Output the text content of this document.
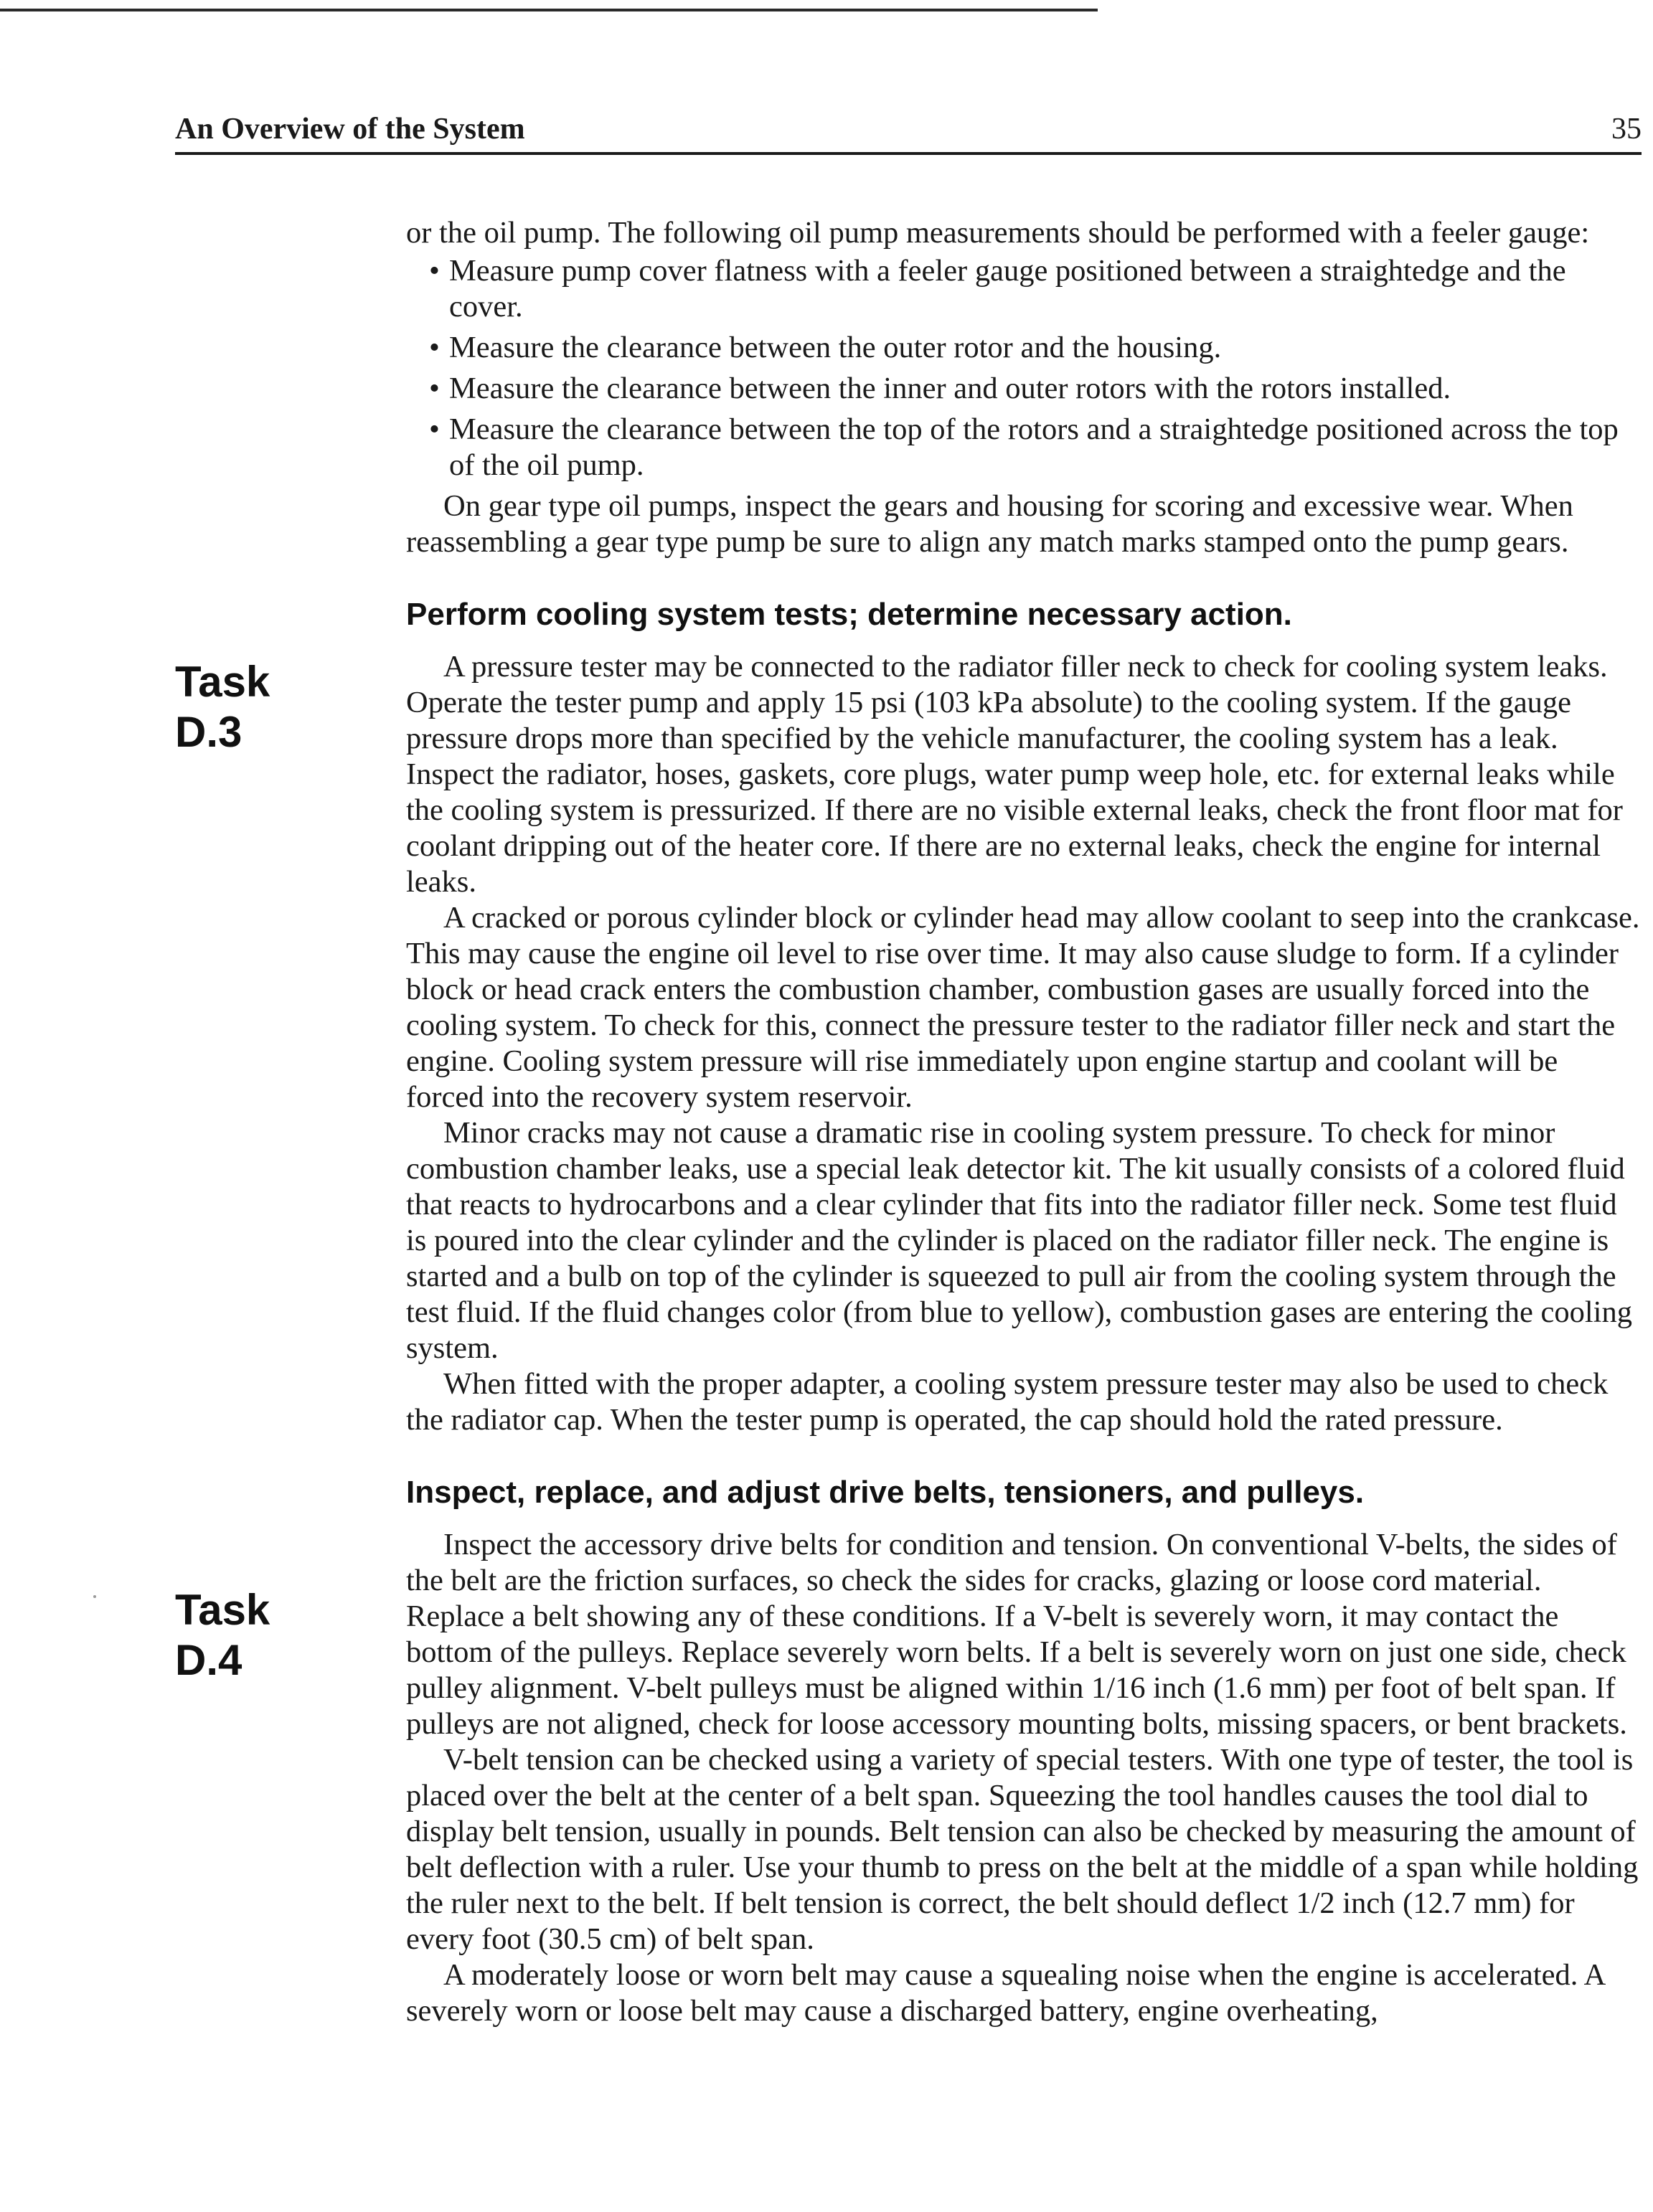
An Overview of the System	35
Task
D.3
Task
D.4

or the oil pump. The following oil pump measurements should be performed with a feeler gauge:

• Measure pump cover flatness with a feeler gauge positioned between a straightedge and the cover.
• Measure the clearance between the outer rotor and the housing.
• Measure the clearance between the inner and outer rotors with the rotors installed.
• Measure the clearance between the top of the rotors and a straightedge positioned across the top of the oil pump.

On gear type oil pumps, inspect the gears and housing for scoring and excessive wear. When reassembling a gear type pump be sure to align any match marks stamped onto the pump gears.

Perform cooling system tests; determine necessary action.

A pressure tester may be connected to the radiator filler neck to check for cooling system leaks. Operate the tester pump and apply 15 psi (103 kPa absolute) to the cooling system. If the gauge pressure drops more than specified by the vehicle manufacturer, the cooling system has a leak. Inspect the radiator, hoses, gaskets, core plugs, water pump weep hole, etc. for external leaks while the cooling system is pressurized. If there are no visible external leaks, check the front floor mat for coolant dripping out of the heater core. If there are no external leaks, check the engine for internal leaks.

A cracked or porous cylinder block or cylinder head may allow coolant to seep into the crankcase. This may cause the engine oil level to rise over time. It may also cause sludge to form. If a cylinder block or head crack enters the combustion chamber, combustion gases are usually forced into the cooling system. To check for this, connect the pressure tester to the radiator filler neck and start the engine. Cooling system pressure will rise immediately upon engine startup and coolant will be forced into the recovery system reservoir.

Minor cracks may not cause a dramatic rise in cooling system pressure. To check for minor combustion chamber leaks, use a special leak detector kit. The kit usually consists of a colored fluid that reacts to hydrocarbons and a clear cylinder that fits into the radiator filler neck. Some test fluid is poured into the clear cylinder and the cylinder is placed on the radiator filler neck. The engine is started and a bulb on top of the cylinder is squeezed to pull air from the cooling system through the test fluid. If the fluid changes color (from blue to yellow), combustion gases are entering the cooling system.

When fitted with the proper adapter, a cooling system pressure tester may also be used to check the radiator cap. When the tester pump is operated, the cap should hold the rated pressure.

Inspect, replace, and adjust drive belts, tensioners, and pulleys.

Inspect the accessory drive belts for condition and tension. On conventional V-belts, the sides of the belt are the friction surfaces, so check the sides for cracks, glazing or loose cord material. Replace a belt showing any of these conditions. If a V-belt is severely worn, it may contact the bottom of the pulleys. Replace severely worn belts. If a belt is severely worn on just one side, check pulley alignment. V-belt pulleys must be aligned within 1/16 inch (1.6 mm) per foot of belt span. If pulleys are not aligned, check for loose accessory mounting bolts, missing spacers, or bent brackets.

V-belt tension can be checked using a variety of special testers. With one type of tester, the tool is placed over the belt at the center of a belt span. Squeezing the tool handles causes the tool dial to display belt tension, usually in pounds. Belt tension can also be checked by measuring the amount of belt deflection with a ruler. Use your thumb to press on the belt at the middle of a span while holding the ruler next to the belt. If belt tension is correct, the belt should deflect 1/2 inch (12.7 mm) for every foot (30.5 cm) of belt span.

A moderately loose or worn belt may cause a squealing noise when the engine is accelerated. A severely worn or loose belt may cause a discharged battery, engine overheating,
